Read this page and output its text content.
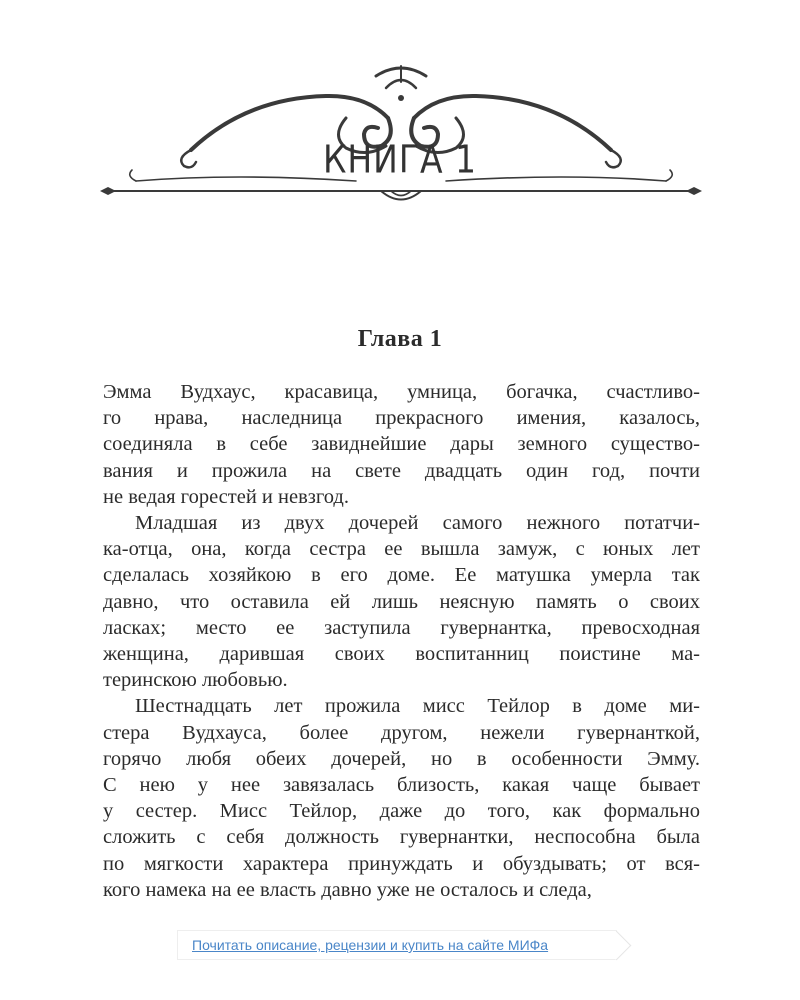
КНИГА 1
Глава 1
Эмма Вудхаус, красавица, умница, богачка, счастливо-
го нрава, наследница прекрасного имения, казалось,
соединяла в себе завиднейшие дары земного существо-
вания и прожила на свете двадцать один год, почти
не ведая горестей и невзгод.
Младшая из двух дочерей самого нежного потатчи-
ка-отца, она, когда сестра ее вышла замуж, с юных лет
сделалась хозяйкою в его доме. Ее матушка умерла так
давно, что оставила ей лишь неясную память о своих
ласках; место ее заступила гувернантка, превосходная
женщина, дарившая своих воспитанниц поистине ма-
теринскою любовью.
Шестнадцать лет прожила мисс Тейлор в доме ми-
стера Вудхауса, более другом, нежели гувернанткой,
горячо любя обеих дочерей, но в особенности Эмму.
С нею у нее завязалась близость, какая чаще бывает
у сестер. Мисс Тейлор, даже до того, как формально
сложить с себя должность гувернантки, неспособна была
по мягкости характера принуждать и обуздывать; от вся-
кого намека на ее власть давно уже не осталось и следа,
Почитать описание, рецензии и купить на сайте МИФа
